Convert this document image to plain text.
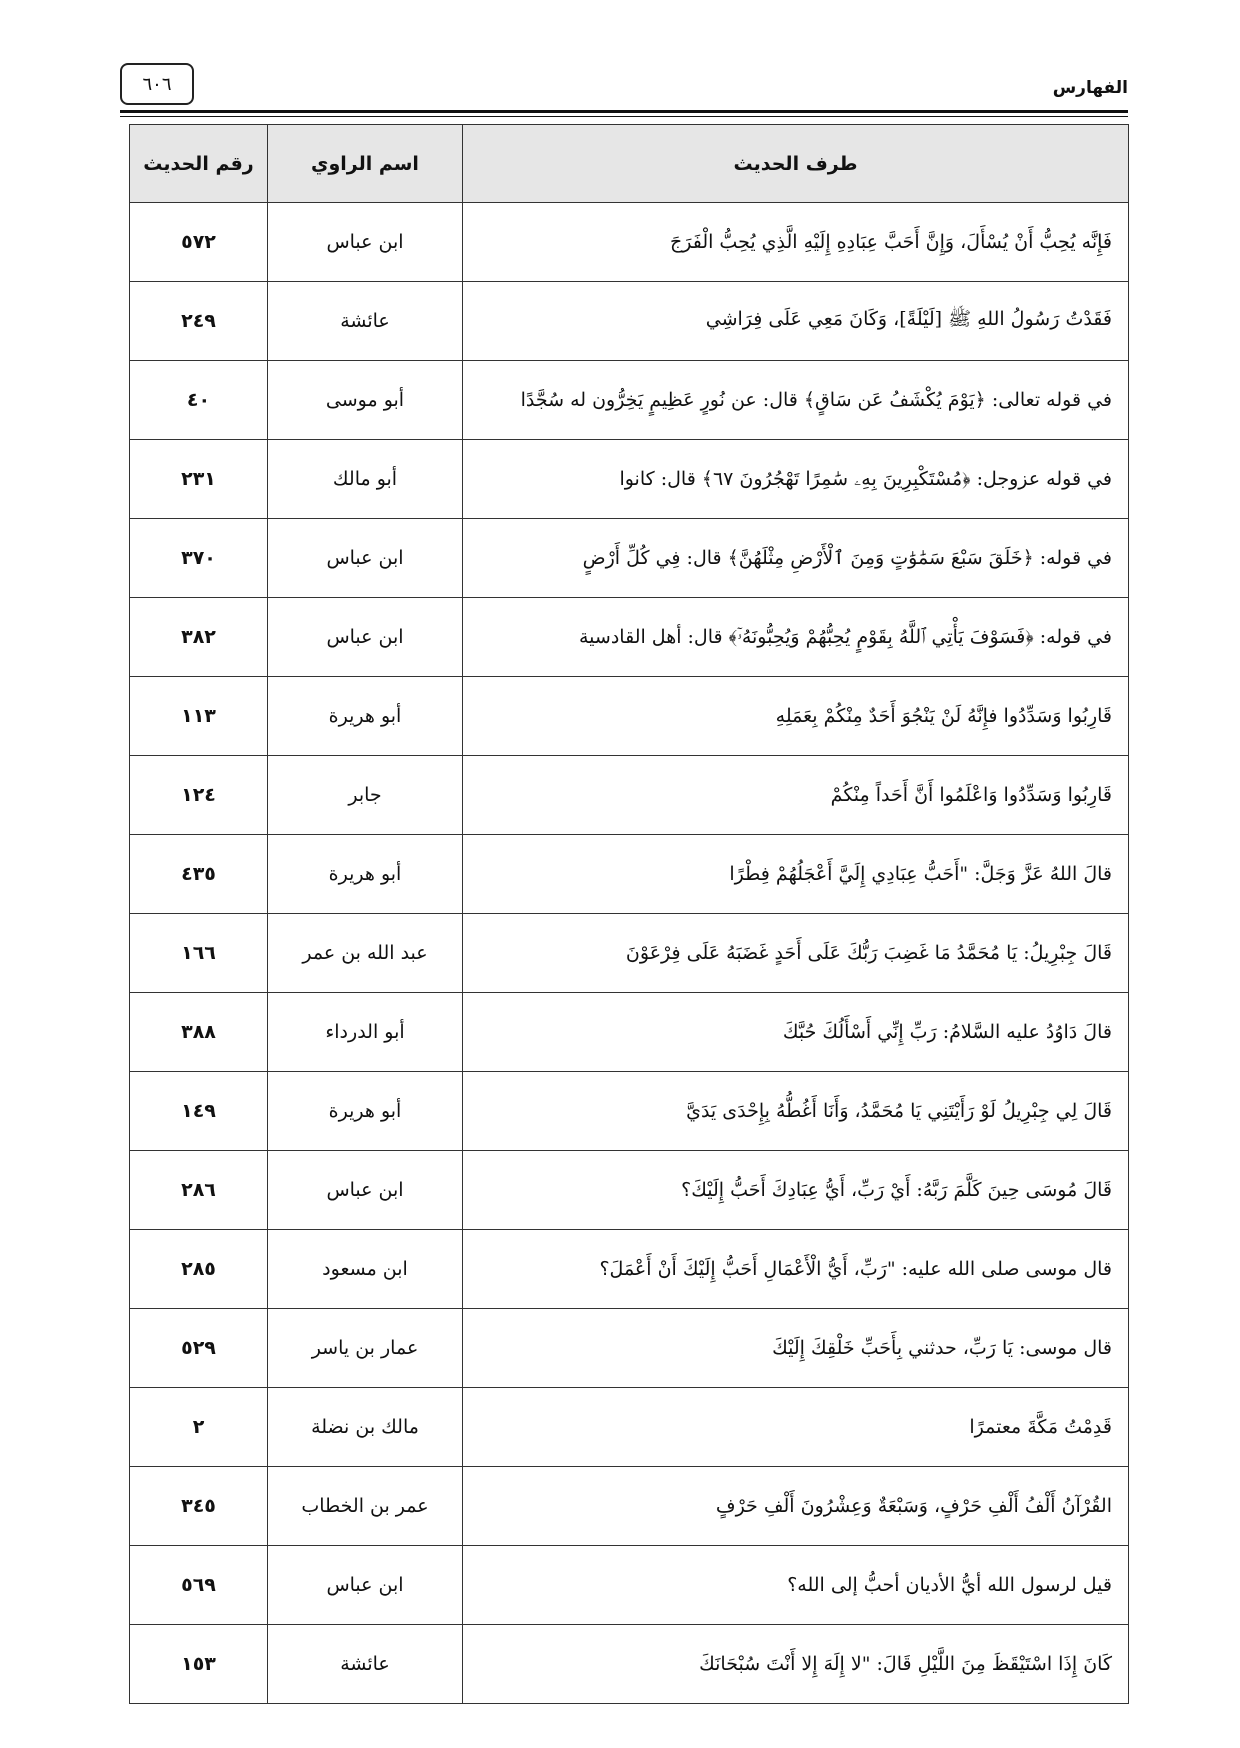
٦٠٦	الفهارس
طرف الحديث	اسم الراوي	رقم الحديث
فَإِنَّه يُحِبُّ أَنْ يُسْأَلَ، وَإِنَّ أَحَبَّ عِبَادِهِ إِلَيْهِ الَّذِي يُحِبُّ الْفَرَجَ	ابن عباس	٥٧٢
فَقَدْتُ رَسُولُ اللهِ ﷺ [لَيْلَةً]، وَكَانَ مَعِي عَلَى فِرَاشِي	عائشة	٢٤٩
في قوله تعالى: ﴿يَوْمَ يُكْشَفُ عَن سَاقٍ﴾ قال: عن نُورٍ عَظِيمٍ يَخِرُّون له سُجَّدًا	أبو موسى	٤٠
في قوله عزوجل: ﴿مُسْتَكْبِرِينَ بِهِۦ سَٰمِرًا تَهْجُرُونَ ٦٧﴾ قال: كانوا	أبو مالك	٢٣١
في قوله: ﴿خَلَقَ سَبْعَ سَمَٰوَٰتٍ وَمِنَ ٱلْأَرْضِ مِثْلَهُنَّ﴾ قال: فِي كُلِّ أَرْضٍ	ابن عباس	٣٧٠
في قوله: ﴿فَسَوْفَ يَأْتِي ٱللَّهُ بِقَوْمٍ يُحِبُّهُمْ وَيُحِبُّونَهُۥٓ﴾ قال: أهل القادسية	ابن عباس	٣٨٢
قَارِبُوا وَسَدِّدُوا فإِنَّهُ لَنْ يَنْجُوَ أَحَدٌ مِنْكُمْ بِعَمَلِهِ	أبو هريرة	١١٣
قَارِبُوا وَسَدِّدُوا وَاعْلَمُوا أَنَّ أَحَداً مِنْكُمْ	جابر	١٢٤
قالَ اللهُ عَزَّ وَجَلَّ: "أَحَبُّ عِبَادِي إِلَيَّ أَعْجَلُهُمْ فِطْرًا	أبو هريرة	٤٣٥
قَالَ جِبْرِيلُ: يَا مُحَمَّدُ مَا غَضِبَ رَبُّكَ عَلَى أَحَدٍ غَضَبَهُ عَلَى فِرْعَوْنَ	عبد الله بن عمر	١٦٦
قالَ دَاوُدُ عليه السَّلامُ: رَبِّ إِنِّي أَسْأَلُكَ حُبَّكَ	أبو الدرداء	٣٨٨
قَالَ لِي جِبْرِيلُ لَوْ رَأَيْتَنِي يَا مُحَمَّدُ، وَأَنَا أَغُطُّهُ بِإِحْدَى يَدَيَّ	أبو هريرة	١٤٩
قَالَ مُوسَى حِينَ كَلَّمَ رَبَّهُ: أَيْ رَبِّ، أَيُّ عِبَادِكَ أَحَبُّ إِلَيْكَ؟	ابن عباس	٢٨٦
قال موسى صلى الله عليه: "رَبِّ، أَيُّ الْأَعْمَالِ أَحَبُّ إِلَيْكَ أَنْ أَعْمَلَ؟	ابن مسعود	٢٨٥
قال موسى: يَا رَبِّ، حدثني بِأَحَبِّ خَلْقِكَ إِلَيْكَ	عمار بن ياسر	٥٢٩
قَدِمْتُ مَكَّةَ معتمرًا	مالك بن نضلة	٢
القُرْآنُ أَلْفُ أَلْفِ حَرْفٍ، وَسَبْعَةٌ وَعِشْرُونَ أَلْفِ حَرْفٍ	عمر بن الخطاب	٣٤٥
قيل لرسول الله أيُّ الأديان أحبُّ إلى الله؟	ابن عباس	٥٦٩
كَانَ إِذَا اسْتَيْقَظَ مِنَ اللَّيْلِ قَالَ: "لا إِلَهَ إِلا أَنْتَ سُبْحَانَكَ	عائشة	١٥٣
